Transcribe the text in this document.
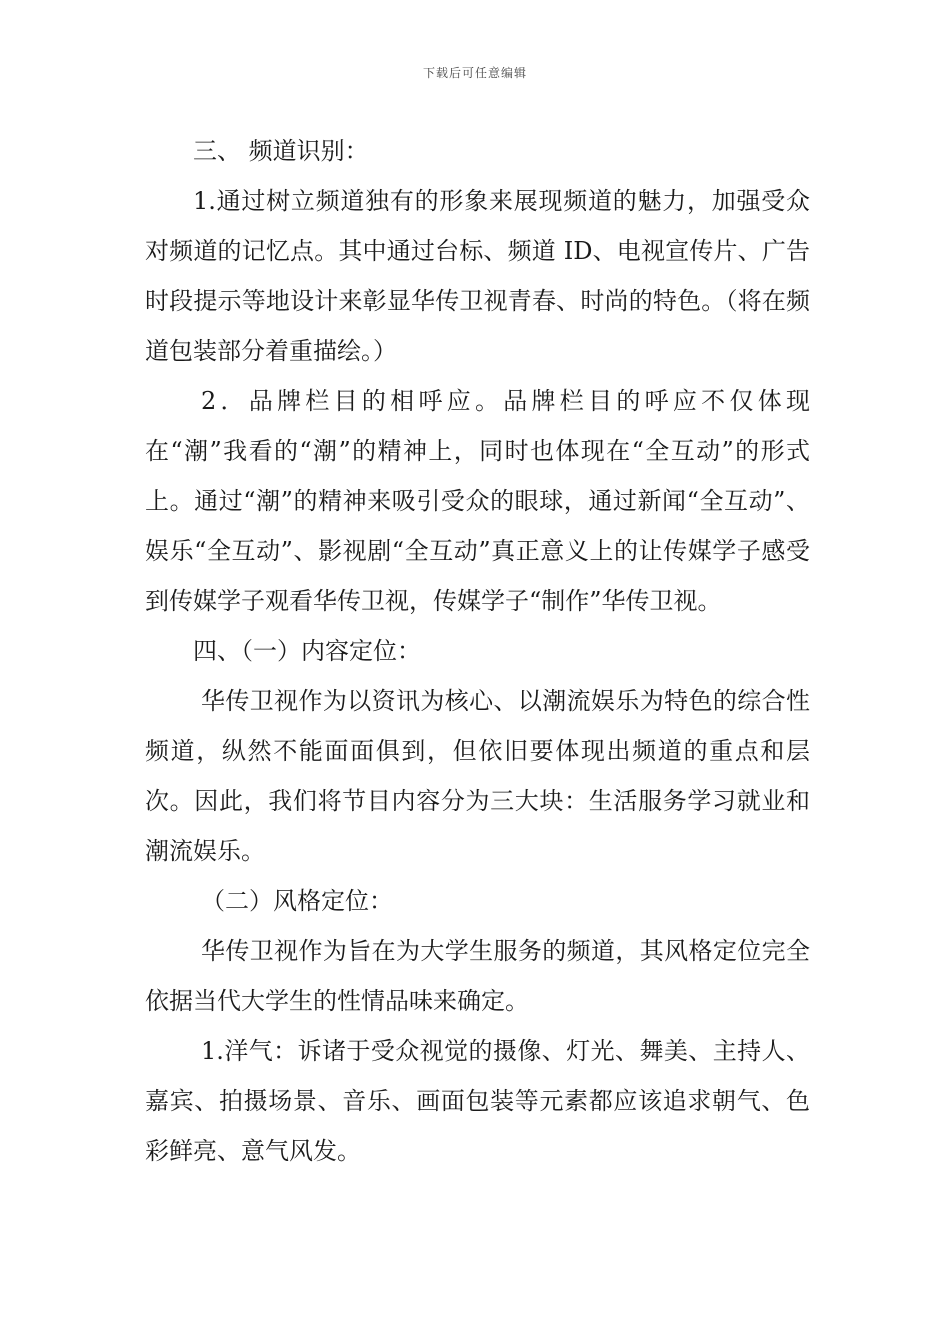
下载后可任意编辑

三、 频道识别：

1.通过树立频道独有的形象来展现频道的魅力，加强受众对频道的记忆点。其中通过台标、频道 ID、电视宣传片、广告时段提示等地设计来彰显华传卫视青春、时尚的特色。（将在频道包装部分着重描绘。）

2．品牌栏目的相呼应。品牌栏目的呼应不仅体现在“潮”我看的“潮”的精神上，同时也体现在“全互动”的形式上。通过“潮”的精神来吸引受众的眼球，通过新闻“全互动”、娱乐“全互动”、影视剧“全互动”真正意义上的让传媒学子感受到传媒学子观看华传卫视，传媒学子“制作”华传卫视。

四、（一）内容定位：

华传卫视作为以资讯为核心、以潮流娱乐为特色的综合性频道，纵然不能面面俱到，但依旧要体现出频道的重点和层次。因此，我们将节目内容分为三大块：生活服务学习就业和潮流娱乐。

（二）风格定位：

华传卫视作为旨在为大学生服务的频道，其风格定位完全依据当代大学生的性情品味来确定。

1.洋气：诉诸于受众视觉的摄像、灯光、舞美、主持人、嘉宾、拍摄场景、音乐、画面包装等元素都应该追求朝气、色彩鲜亮、意气风发。
